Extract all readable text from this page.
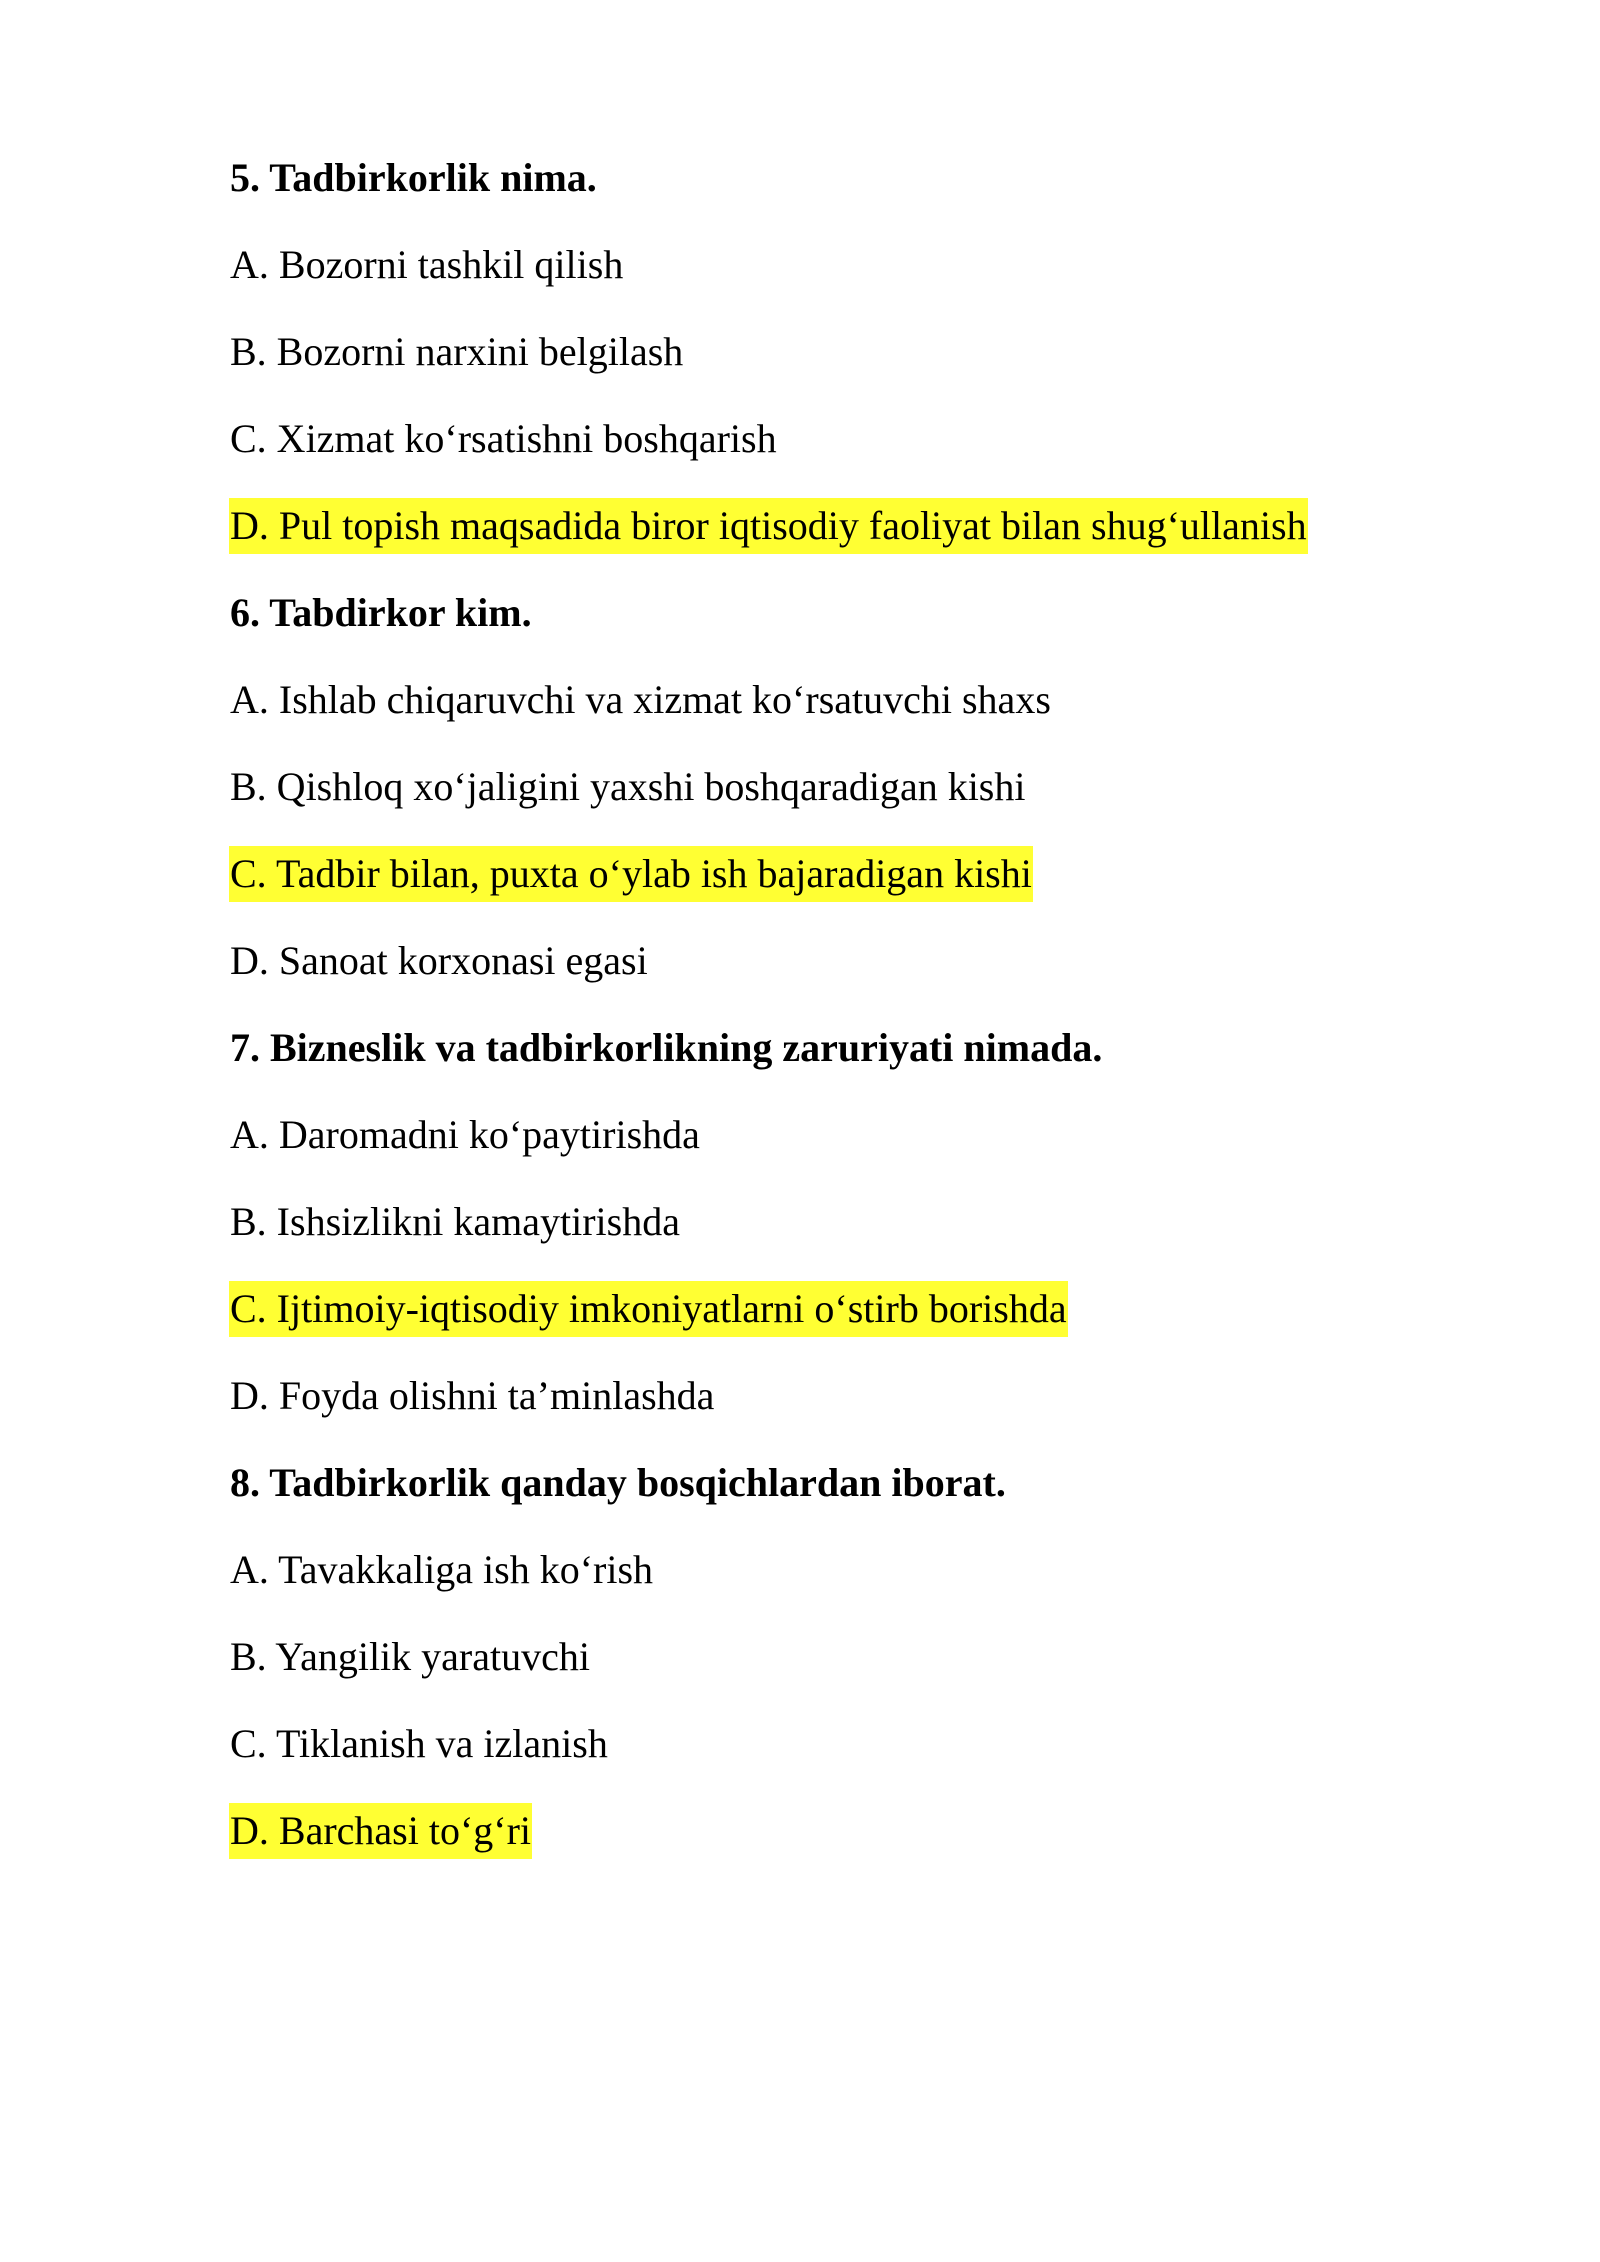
5. Tadbirkorlik nima.
A. Bozorni tashkil qilish
B. Bozorni narxini belgilash
C. Xizmat ko‘rsatishni boshqarish
D. Pul topish maqsadida biror iqtisodiy faoliyat bilan shug‘ullanish
6. Tabdirkor kim.
A. Ishlab chiqaruvchi va xizmat ko‘rsatuvchi shaxs
B. Qishloq xo‘jaligini yaxshi boshqaradigan kishi
C. Tadbir bilan, puxta o‘ylab ish bajaradigan kishi
D. Sanoat korxonasi egasi
7. Bizneslik va tadbirkorlikning zaruriyati nimada.
A. Daromadni ko‘paytirishda
B. Ishsizlikni kamaytirishda
C. Ijtimoiy-iqtisodiy imkoniyatlarni o‘stirb borishda
D. Foyda olishni ta’minlashda
8. Tadbirkorlik qanday bosqichlardan iborat.
A. Tavakkaliga ish ko‘rish
B. Yangilik yaratuvchi
C. Tiklanish va izlanish
D. Barchasi to‘g‘ri
